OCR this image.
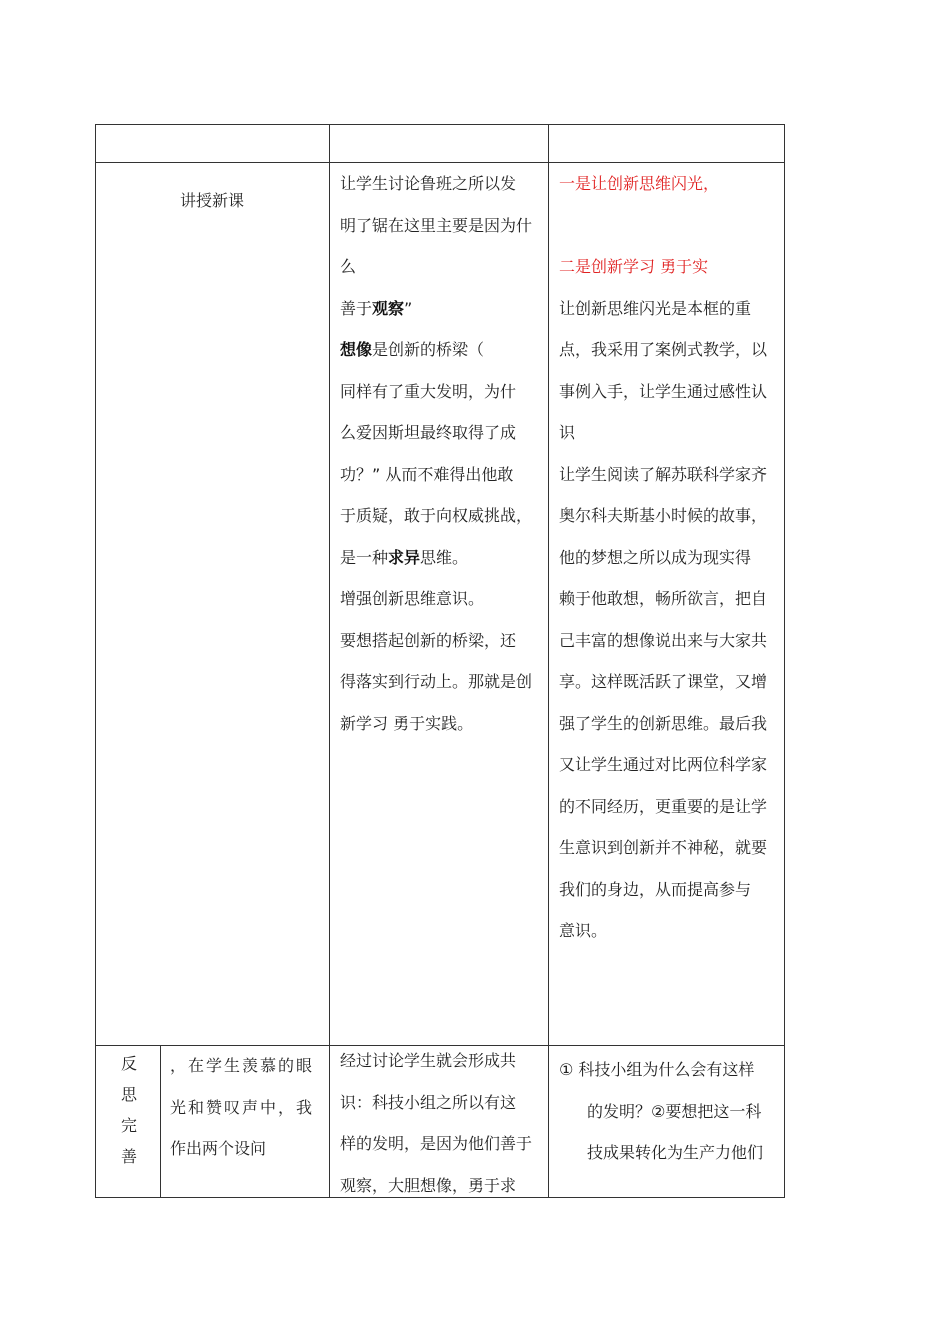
讲授新课
让学生讨论鲁班之所以发
明了锯在这里主要是因为什
么
善于观察”
想像是创新的桥梁（
同样有了重大发明，为什
么爱因斯坦最终取得了成
功？” 从而不难得出他敢
于质疑，敢于向权威挑战，
是一种求异思维。
增强创新思维意识。
要想搭起创新的桥梁，还
得落实到行动上。那就是创
新学习 勇于实践。
一是让创新思维闪光，
二是创新学习 勇于实
让创新思维闪光是本框的重
点，我采用了案例式教学，以
事例入手，让学生通过感性认
识
让学生阅读了解苏联科学家齐
奥尔科夫斯基小时候的故事，
他的梦想之所以成为现实得
赖于他敢想，畅所欲言，把自
己丰富的想像说出来与大家共
享。这样既活跃了课堂，又增
强了学生的创新思维。最后我
又让学生通过对比两位科学家
的不同经历，更重要的是让学
生意识到创新并不神秘，就要
我们的身边，从而提高参与
意识。
反
思
完
善
，在学生羡慕的眼
光和赞叹声中，我
作出两个设问
经过讨论学生就会形成共
识：科技小组之所以有这
样的发明，是因为他们善于
观察，大胆想像，勇于求
① 科技小组为什么会有这样
的发明？②要想把这一科
技成果转化为生产力他们
